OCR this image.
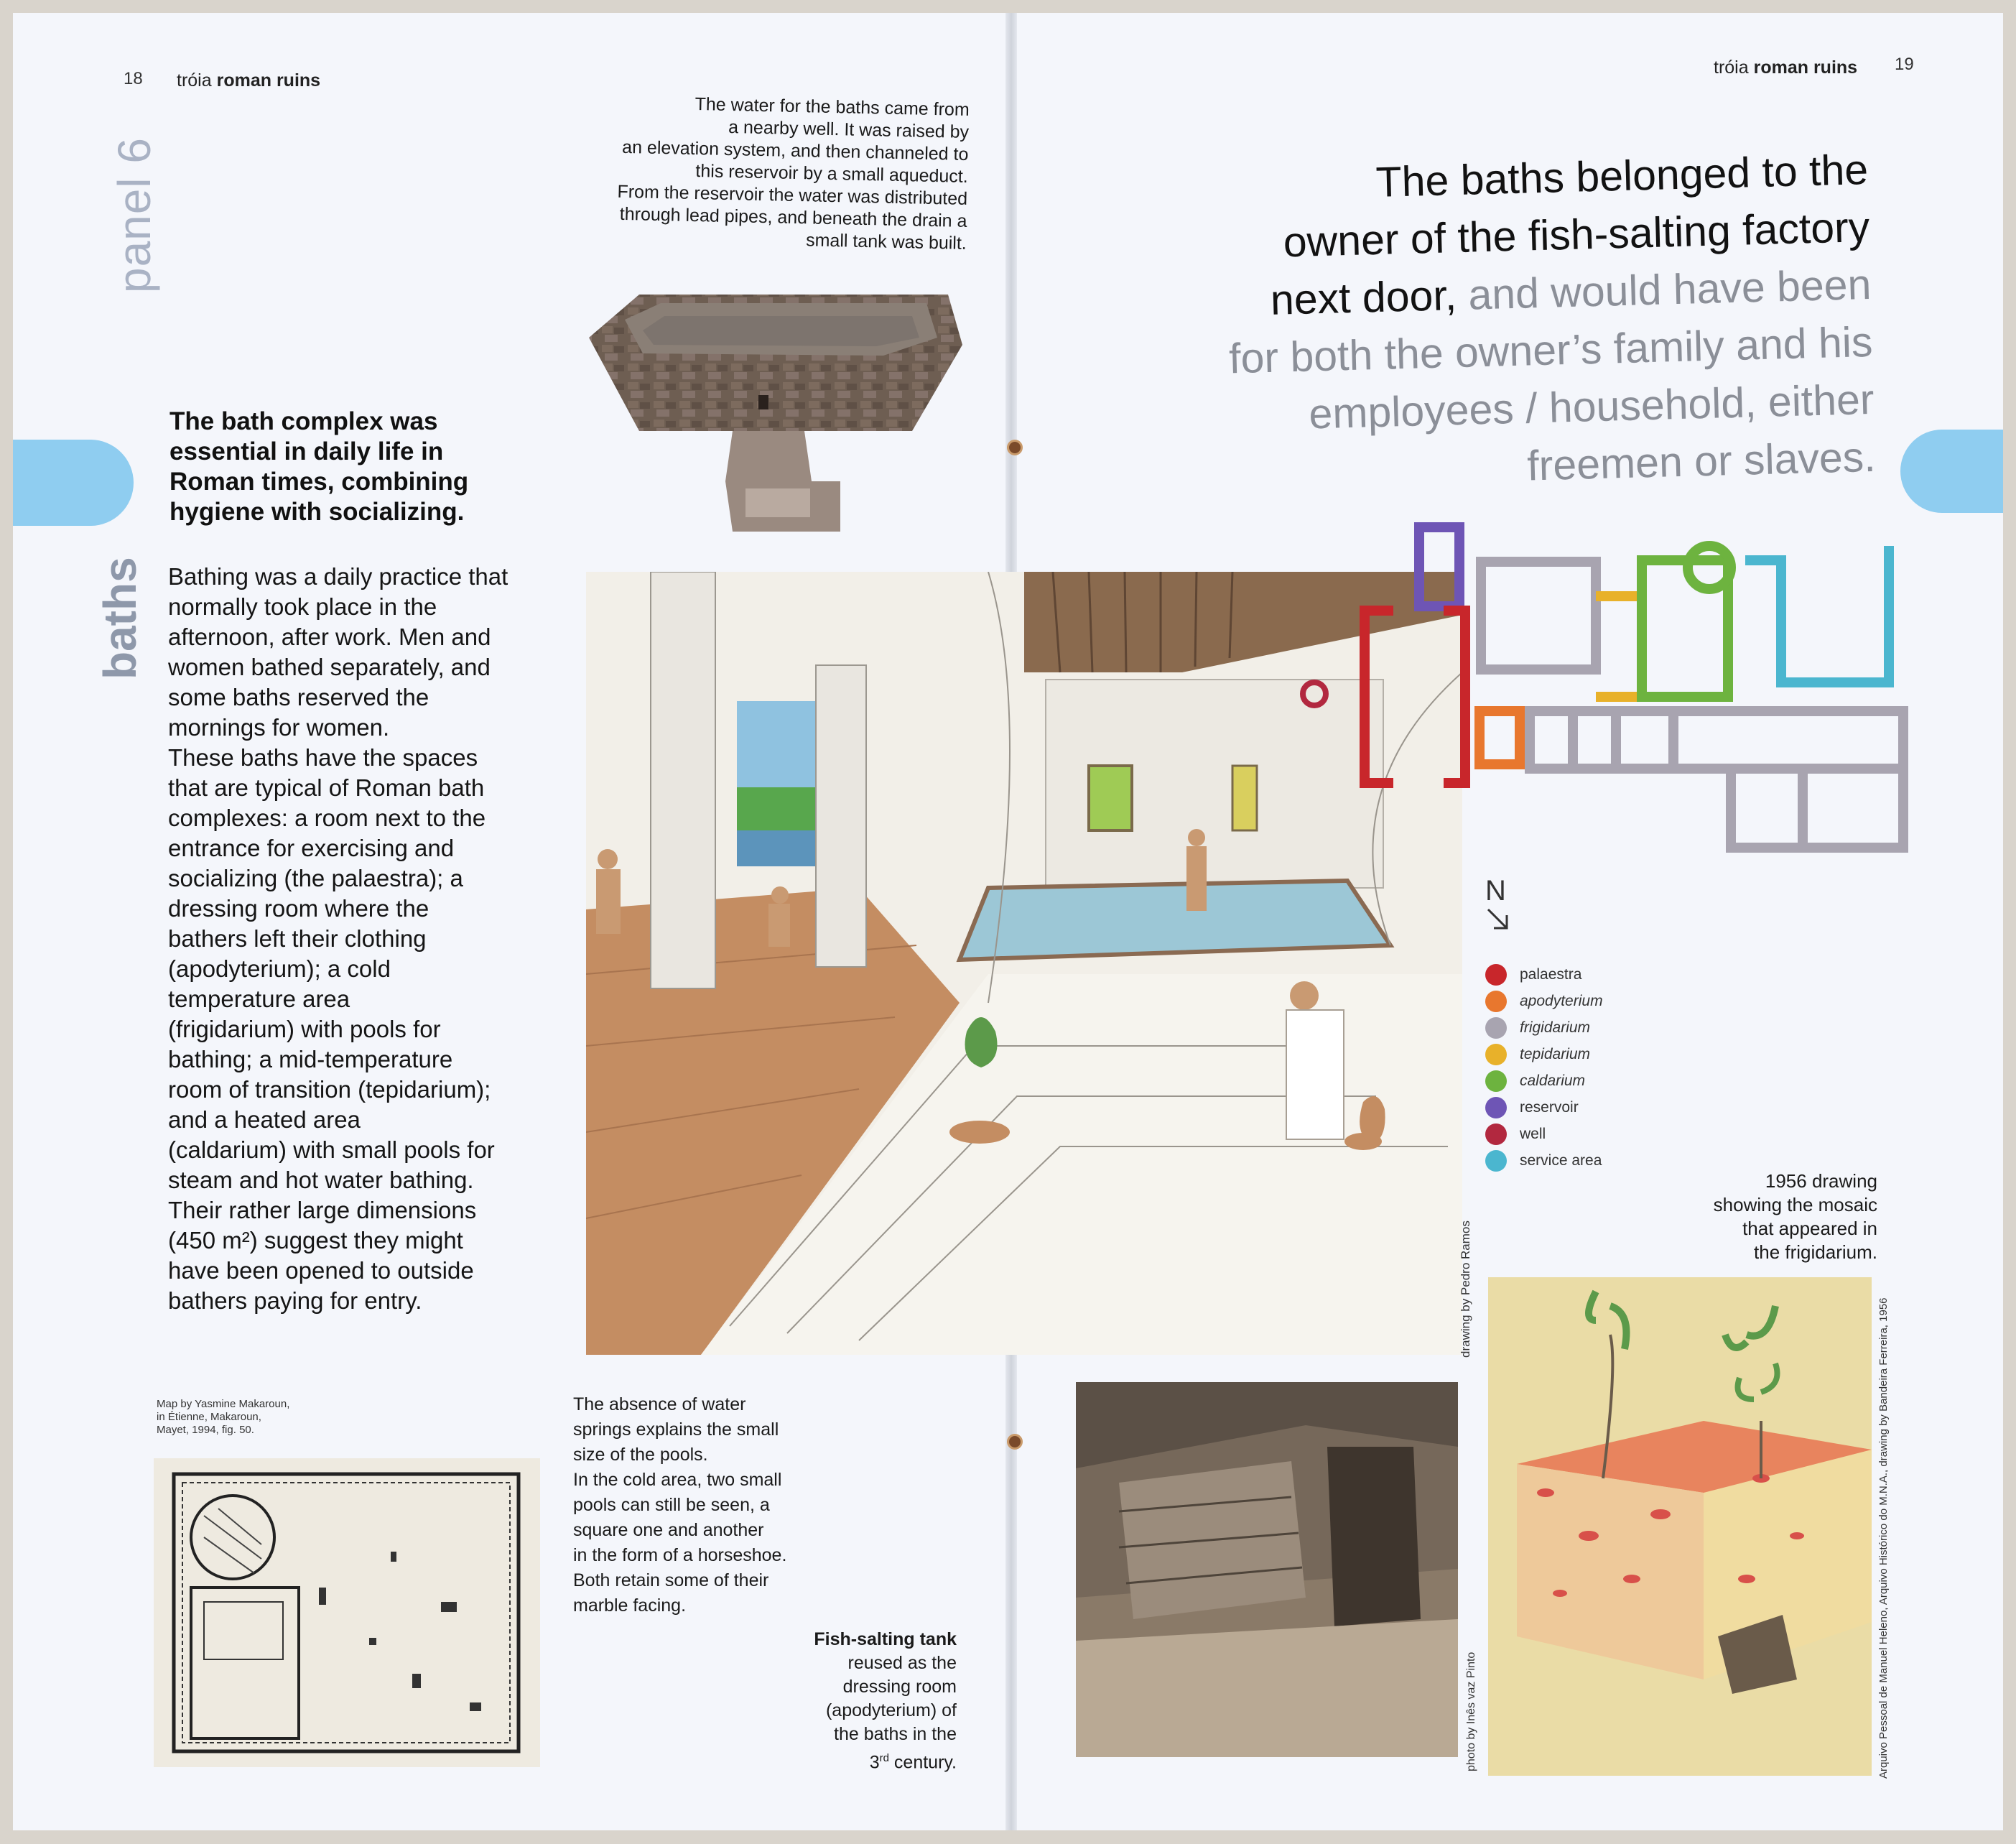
18 tróia roman ruins
panel 6
baths
The water for the baths came from
a nearby well. It was raised by
an elevation system, and then channeled to
this reservoir by a small aqueduct.
From the reservoir the water was distributed
through lead pipes, and beneath the drain a
small tank was built.
The bath complex was
essential in daily life in
Roman times, combining
hygiene with socializing.

Bathing was a daily practice that

normally took place in the

afternoon, after work. Men and

women bathed separately, and

some baths reserved the

mornings for women.

These baths have the spaces

that are typical of Roman bath

complexes: a room next to the

entrance for exercising and

socializing (the palaestra); a

dressing room where the

bathers left their clothing

(apodyterium); a cold

temperature area

(frigidarium) with pools for

bathing; a mid-temperature

room of transition (tepidarium);

and a heated area

(caldarium) with small pools for

steam and hot water bathing.

Their rather large dimensions

(450 m²) suggest they might

have been opened to outside

bathers paying for entry.

Map by Yasmine Makaroun,
in Étienne, Makaroun,
Mayet, 1994, fig. 50.
The absence of water
springs explains the small
size of the pools.
In the cold area, two small
pools can still be seen, a
square one and another
in the form of a horseshoe.
Both retain some of their
marble facing.
Fish-salting tank
reused as the
dressing room
(apodyterium) of
the baths in the
3rd century.
tróia roman ruins 19
The baths belonged to the
owner of the fish-salting factory
next door, and would have been
for both the owner’s family and his
employees / household, either
freemen or slaves.
N
palaestra
apodyterium
frigidarium
tepidarium
caldarium
reservoir
well
service area
1956 drawing
showing the mosaic
that appeared in
the frigidarium.
drawing by Pedro Ramos
photo by Inês vaz Pinto	Arquivo Pessoal de Manuel Heleno, Arquivo Histórico do M.N.A., drawing by Bandeira Ferreira, 1956
